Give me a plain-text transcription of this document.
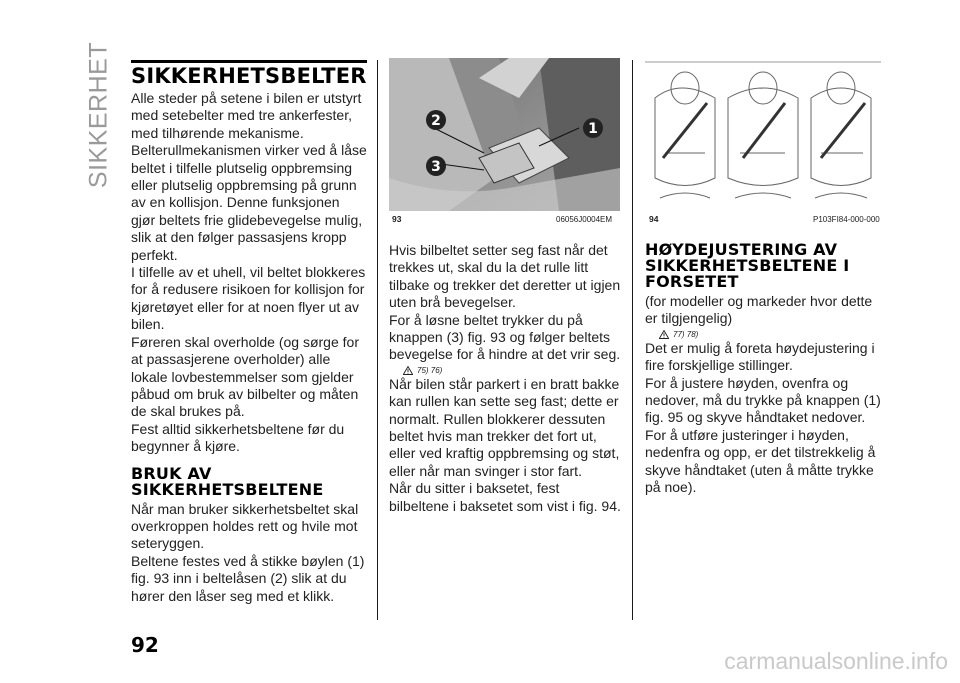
SIKKERHET SIKKERHETSBELTER

Alle steder på setene i bilen er utstyrt med setebelter med tre ankerfester, med tilhørende mekanisme.

Belterullmekanismen virker ved å låse beltet i tilfelle plutselig oppbremsing eller plutselig oppbremsing på grunn av en kollisjon. Denne funksjonen gjør beltets frie glidebevegelse mulig, slik at den følger passasjens kropp perfekt.

I tilfelle av et uhell, vil beltet blokkeres for å redusere risikoen for kollisjon for kjøretøyet eller for at noen flyer ut av bilen.

Føreren skal overholde (og sørge for at passasjerene overholder) alle lokale lovbestemmelser som gjelder påbud om bruk av bilbelter og måten de skal brukes på.

Fest alltid sikkerhetsbeltene før du begynner å kjøre.

BRUK AV SIKKERHETSBELTENE

Når man bruker sikkerhetsbeltet skal overkroppen holdes rett og hvile mot seteryggen.

Beltene festes ved å stikke bøylen (1) fig. 93 inn i beltelåsen (2) slik at du hører den låser seg med et klikk.

2	1
3
93	06056J0004EM	94	P103FI84-000-000

Hvis bilbeltet setter seg fast når det trekkes ut, skal du la det rulle litt tilbake og trekker det deretter ut igjen uten brå bevegelser.

For å løsne beltet trykker du på knappen (3) fig. 93 og følger beltets bevegelse for å hindre at det vrir seg.

75) 76)

Når bilen står parkert i en bratt bakke kan rullen kan sette seg fast; dette er normalt. Rullen blokkerer dessuten beltet hvis man trekker det fort ut, eller ved kraftig oppbremsing og støt, eller når man svinger i stor fart.

Når du sitter i baksetet, fest bilbeltene i baksetet som vist i fig. 94.

HØYDEJUSTERING AV SIKKERHETSBELTENE I FORSETET

(for modeller og markeder hvor dette er tilgjengelig)

77) 78)

Det er mulig å foreta høydejustering i fire forskjellige stillinger.

For å justere høyden, ovenfra og nedover, må du trykke på knappen (1) fig. 95 og skyve håndtaket nedover.

For å utføre justeringer i høyden, nedenfra og opp, er det tilstrekkelig å skyve håndtaket (uten å måtte trykke på noe).

92
carmanualsonline.info
